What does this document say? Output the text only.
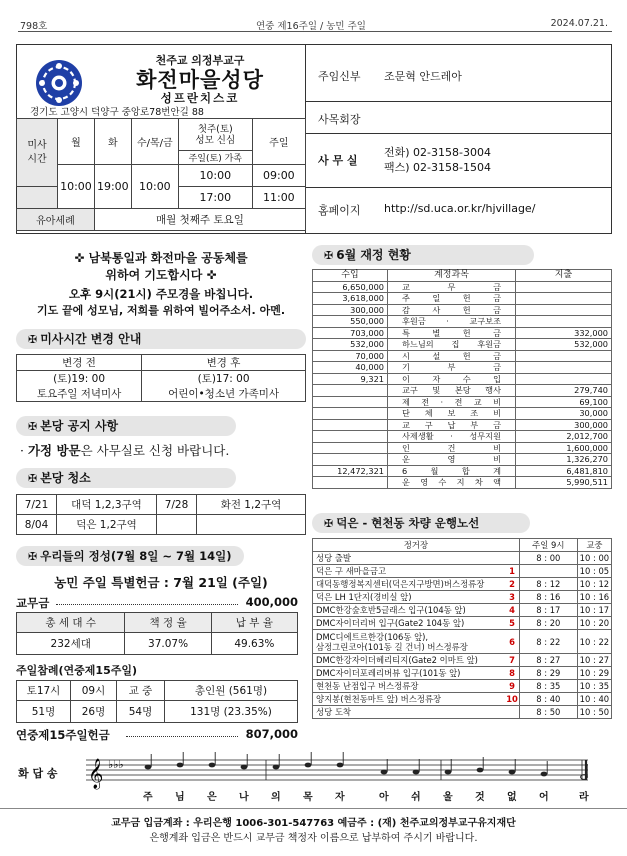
798호	연중 제16주일 / 농민 주일	2024.07.21.
천주교 의정부교구
화전마을성당
성프란치스코
경기도 고양시 덕양구 중앙로78번안길 88
미사
시간	월	화	수/목/금	첫주(토)
성모 신심	주일
				주일(토) 가족	
	10:00	19:00	10:00	10:00	09:00
				17:00	11:00
유아세례		매월 첫째주 토요일			
주임신부 조문혁 안드레아
사목회장
사 무 실
전화) 02-3158-3004
팩스) 02-3158-1504
홈페이지 http://sd.uca.or.kr/hjvillage/
✜ 남북통일과 화전마을 공동체를
위하여 기도합시다 ✜
오후 9시(21시) 주모경을 바칩니다.
기도 끝에 성모님, 저희를 위하여 빌어주소서. 아멘.
✠ 미사시간 변경 안내
변경 전	변경 후
(토)19: 00	(토)17: 00
토요주일 저녁미사	어린이•청소년 가족미사
✠ 본당 공지 사항
· 가정 방문은 사무실로 신청 바랍니다.
✠ 본당 청소
7/21	대덕 1,2,3구역	7/28	화전 1,2구역
8/04	덕은 1,2구역		
✠ 우리들의 정성(7월 8일 ~ 7월 14일)
농민 주일 특별헌금 : 7월 21일 (주일)
교무금	400,000
총 세 대 수	책 정 율	납 부 율
232세대	37.07%	49.63%
주일참례(연중제15주일)
토17시	09시	교 중	총인원 (561명)
51명	26명	54명	131명 (23.35%)
연중제15주일헌금	807,000
화 답 송 𝄞 ♭♭♭
주 님 은 나 의 목 자	아 쉬 울 것 없 어	라
✠ 6월 재정 현황
수입	계정과목	지출
6,650,000	교 무 금	
3,618,000	주 일 헌 금	
300,000	감 사 헌 금	
550,000	후원금 · 교구보조	
703,000	특 별 헌 금	332,000
532,000	하느님의 집 후원금	532,000
70,000	시 설 헌 금	
40,000	기 부 금	
9,321	이 자 수 입	
	교구 및 본당 행사	279,740
	제 전 · 전 교 비	69,100
	단 체 보 조 비	30,000
	교 구 납 부 금	300,000
	사제생활 · 성무지원	2,012,700
	인 건 비	1,600,000
	운 영 비	1,326,270
12,472,321	6 월 합 계	6,481,810
	운 영 수 지 차 액	5,990,511
✠ 덕은 - 현천동 차량 운행노선
정거장		주일 9시	교중
성당 출발		8 : 00	10 : 00
덕은 구 새마을금고	1		10 : 05
대덕동행정복지센터(덕은지구방면)버스정류장	2	8 : 12	10 : 12
덕은 LH 1단지(경비실 앞)	3	8 : 16	10 : 16
DMC한강숲호반5글래스 입구(104동 앞)	4	8 : 17	10 : 17
DMC자이더리버 입구(Gate2 104동 앞)	5	8 : 20	10 : 20
DMC디에트르한강(106동 앞),
삼정그린코아(101동 길 건너) 버스정류장	6	8 : 22	10 : 22
DMC한강자이더헤리티지(Gate2 이마트 앞)	7	8 : 27	10 : 27
DMC자이더포레리버뷰 입구(101동 앞)	8	8 : 29	10 : 29
현천동 난점입구 버스정류장	9	8 : 35	10 : 35
양지봉(현천동마트 앞) 버스정류장	10	8 : 40	10 : 40
성당 도착		8 : 50	10 : 50
교무금 입금계좌 : 우리은행 1006-301-547763 예금주 : (재) 천주교의정부교구유지재단
은행계좌 입금은 반드시 교무금 책정자 이름으로 납부하여 주시기 바랍니다.
